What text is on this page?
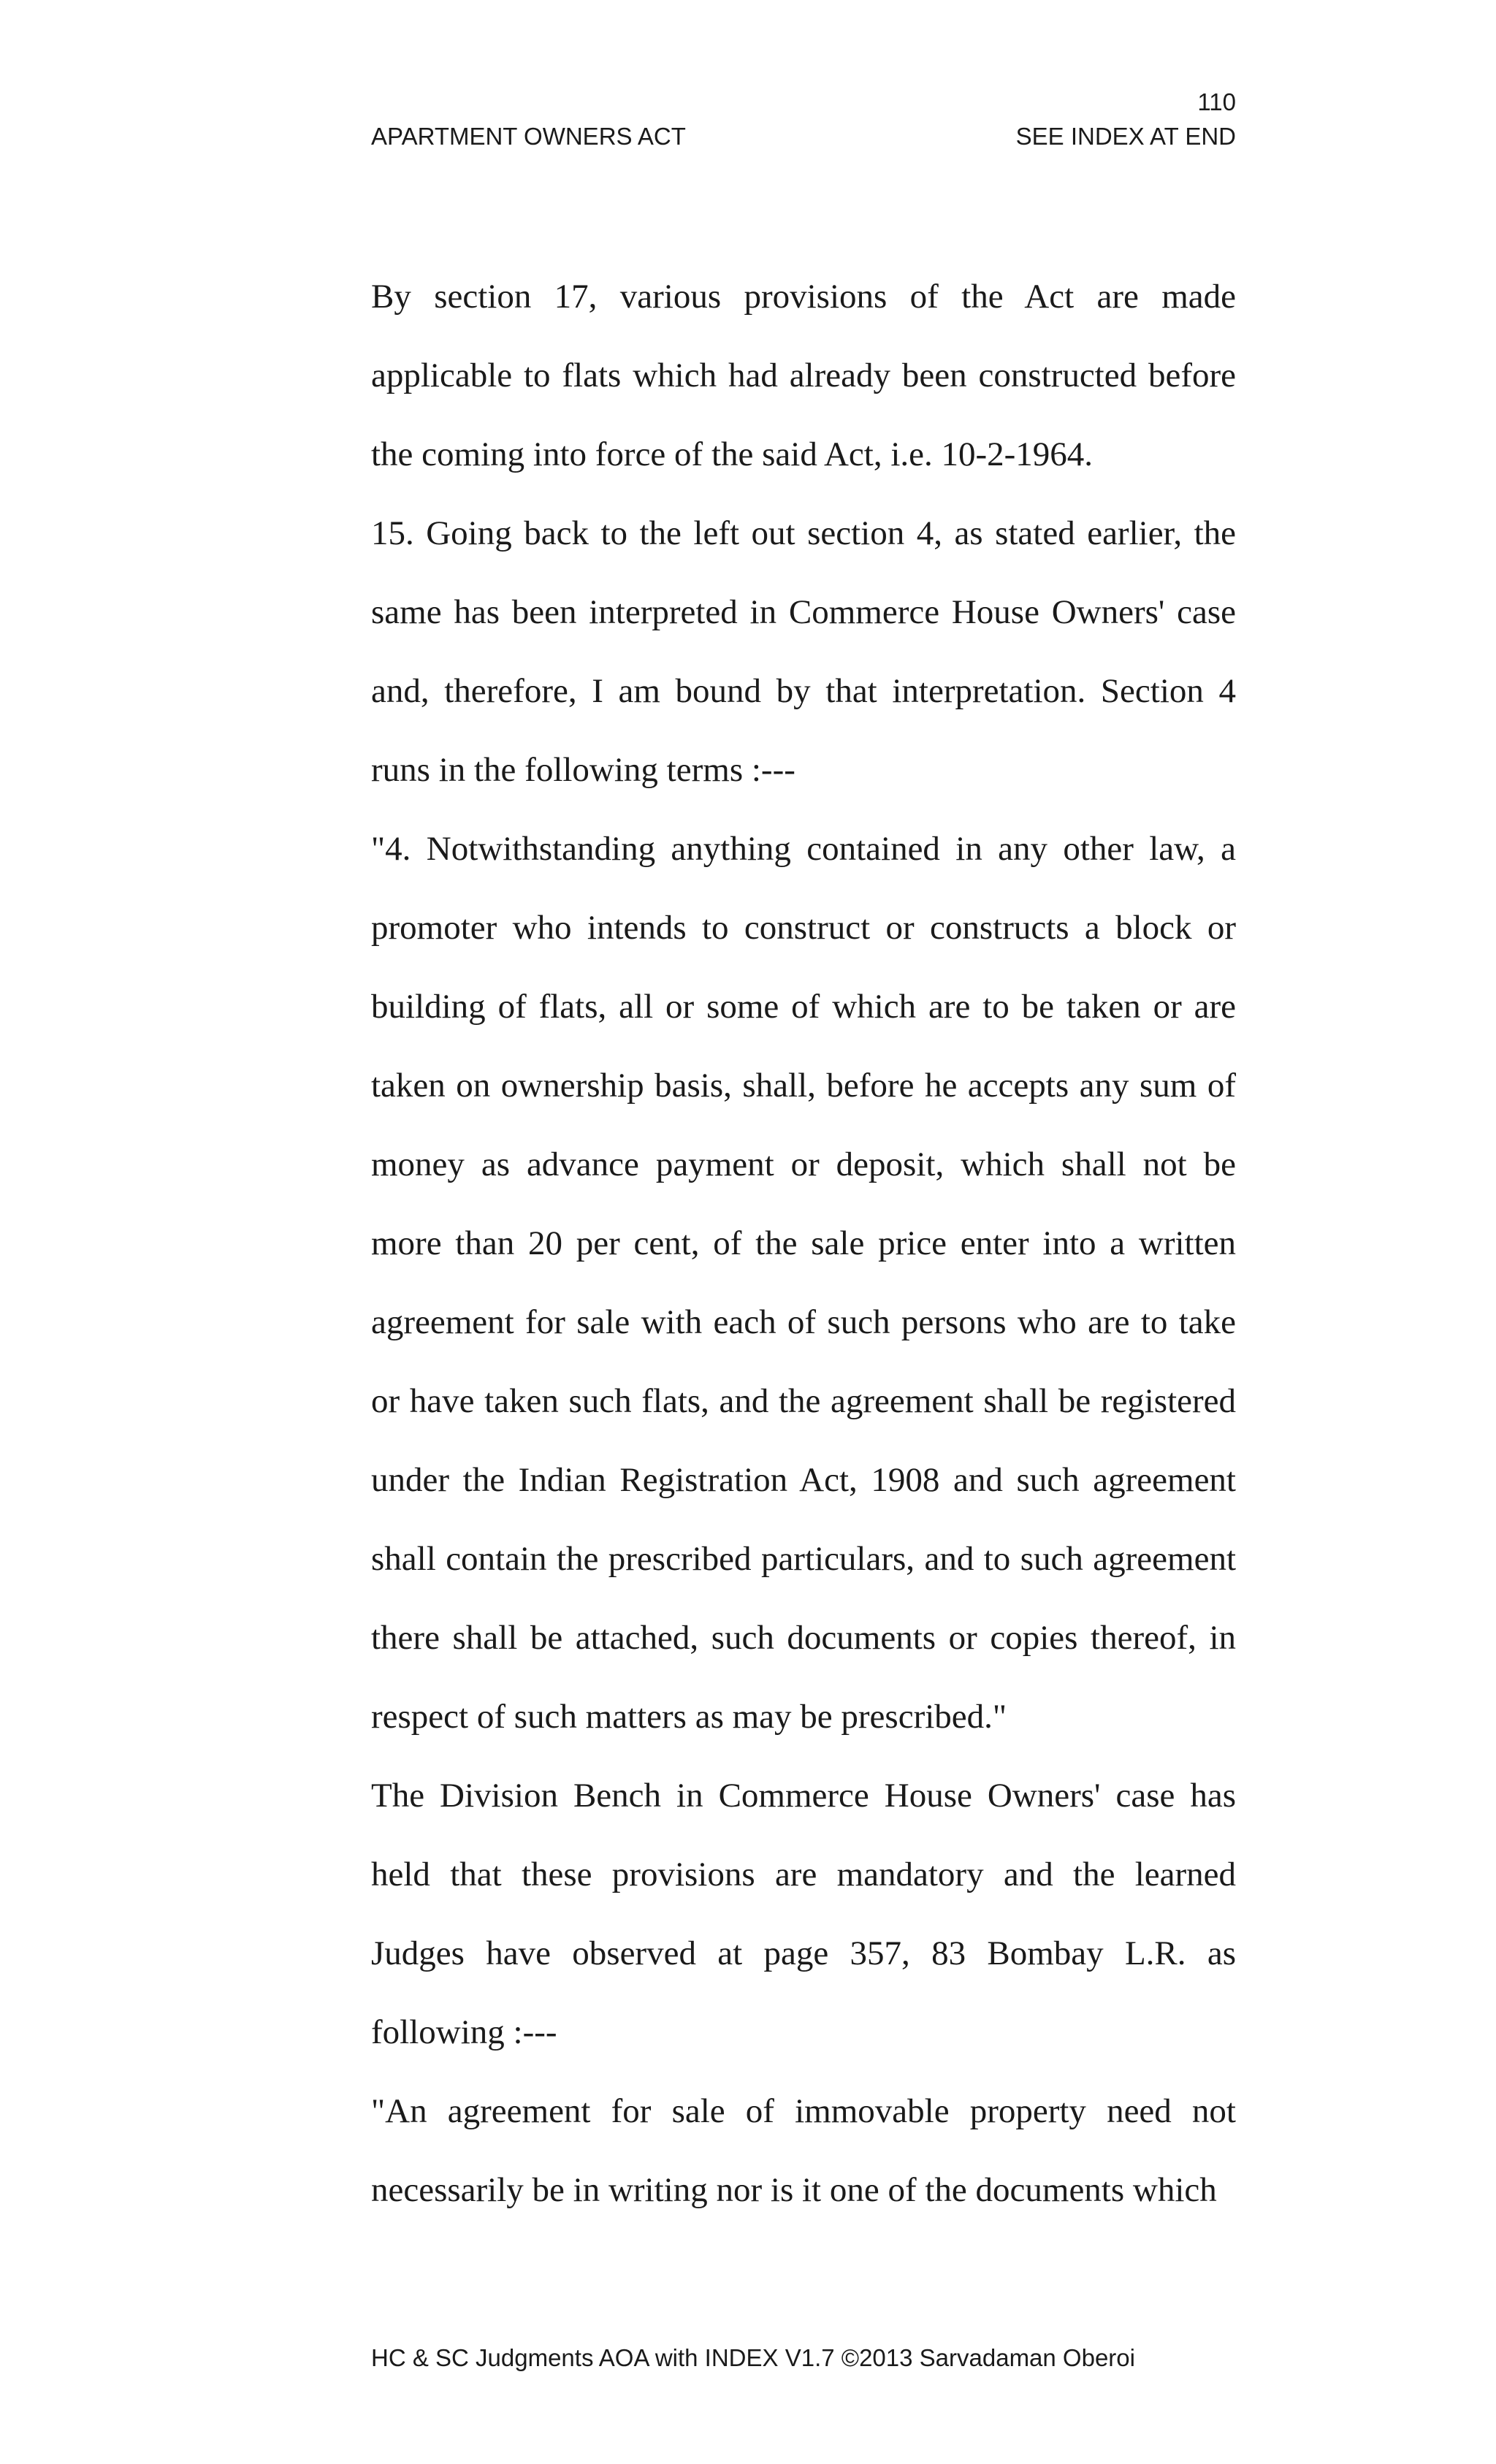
110
APARTMENT OWNERS ACT	SEE INDEX AT END

By section 17, various provisions of the Act are made applicable to flats which had already been constructed before the coming into force of the said Act, i.e. 10-2-1964.

15. Going back to the left out section 4, as stated earlier, the same has been interpreted in Commerce House Owners' case and, therefore, I am bound by that interpretation. Section 4 runs in the following terms :---

"4. Notwithstanding anything contained in any other law, a promoter who intends to construct or constructs a block or building of flats, all or some of which are to be taken or are taken on ownership basis, shall, before he accepts any sum of money as advance payment or deposit, which shall not be more than 20 per cent, of the sale price enter into a written agreement for sale with each of such persons who are to take or have taken such flats, and the agreement shall be registered under the Indian Registration Act, 1908 and such agreement shall contain the prescribed particulars, and to such agreement there shall be attached, such documents or copies thereof, in respect of such matters as may be prescribed."

The Division Bench in Commerce House Owners' case has held that these provisions are mandatory and the learned Judges have observed at page 357, 83 Bombay L.R. as following :---

"An agreement for sale of immovable property need not necessarily be in writing nor is it one of the documents which

HC & SC Judgments AOA with INDEX V1.7 ©2013 Sarvadaman Oberoi
